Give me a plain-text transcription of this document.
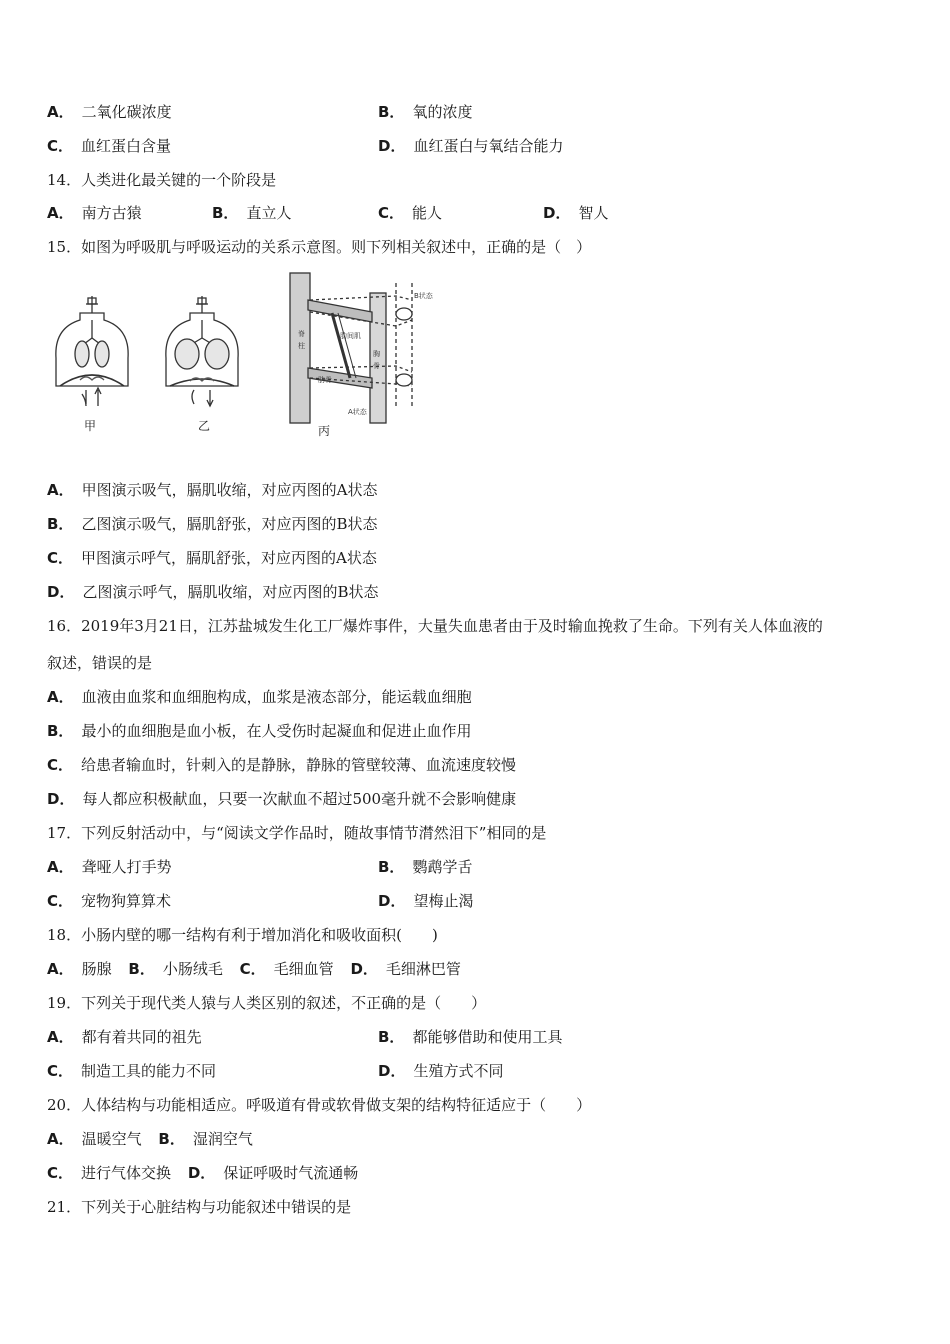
A． 二氧化碳浓度	B． 氧的浓度
C． 血红蛋白含量	D． 血红蛋白与氧结合能力
14．人类进化最关键的一个阶段是
A． 南方古猿	B． 直立人	C． 能人	D． 智人
15．如图为呼吸肌与呼吸运动的关系示意图。则下列相关叙述中，正确的是（　）
脊
柱
胸
骨
肋间肌
肋骨
B状态
A状态
甲	乙	丙
A． 甲图演示吸气，膈肌收缩，对应丙图的A状态
B． 乙图演示吸气，膈肌舒张，对应丙图的B状态
C． 甲图演示呼气，膈肌舒张，对应丙图的A状态
D． 乙图演示呼气，膈肌收缩，对应丙图的B状态
16．2019年3月21日，江苏盐城发生化工厂爆炸事件，大量失血患者由于及时输血挽救了生命。下列有关人体血液的
叙述，错误的是
A． 血液由血浆和血细胞构成，血浆是液态部分，能运载血细胞
B． 最小的血细胞是血小板，在人受伤时起凝血和促进止血作用
C． 给患者输血时，针刺入的是静脉，静脉的管壁较薄、血流速度较慢
D． 每人都应积极献血，只要一次献血不超过500毫升就不会影响健康
17．下列反射活动中，与“阅读文学作品时，随故事情节潸然泪下”相同的是
A． 聋哑人打手势	B． 鹦鹉学舌
C． 宠物狗算算术	D． 望梅止渴
18．小肠内壁的哪一结构有利于增加消化和吸收面积(　　)
A． 肠腺 B． 小肠绒毛 C． 毛细血管 D． 毛细淋巴管
19．下列关于现代类人猿与人类区别的叙述，不正确的是（　　）
A． 都有着共同的祖先	B． 都能够借助和使用工具
C． 制造工具的能力不同	D． 生殖方式不同
20．人体结构与功能相适应。呼吸道有骨或软骨做支架的结构特征适应于（　　）
A． 温暖空气 B． 湿润空气
C． 进行气体交换 D． 保证呼吸时气流通畅
21．下列关于心脏结构与功能叙述中错误的是
